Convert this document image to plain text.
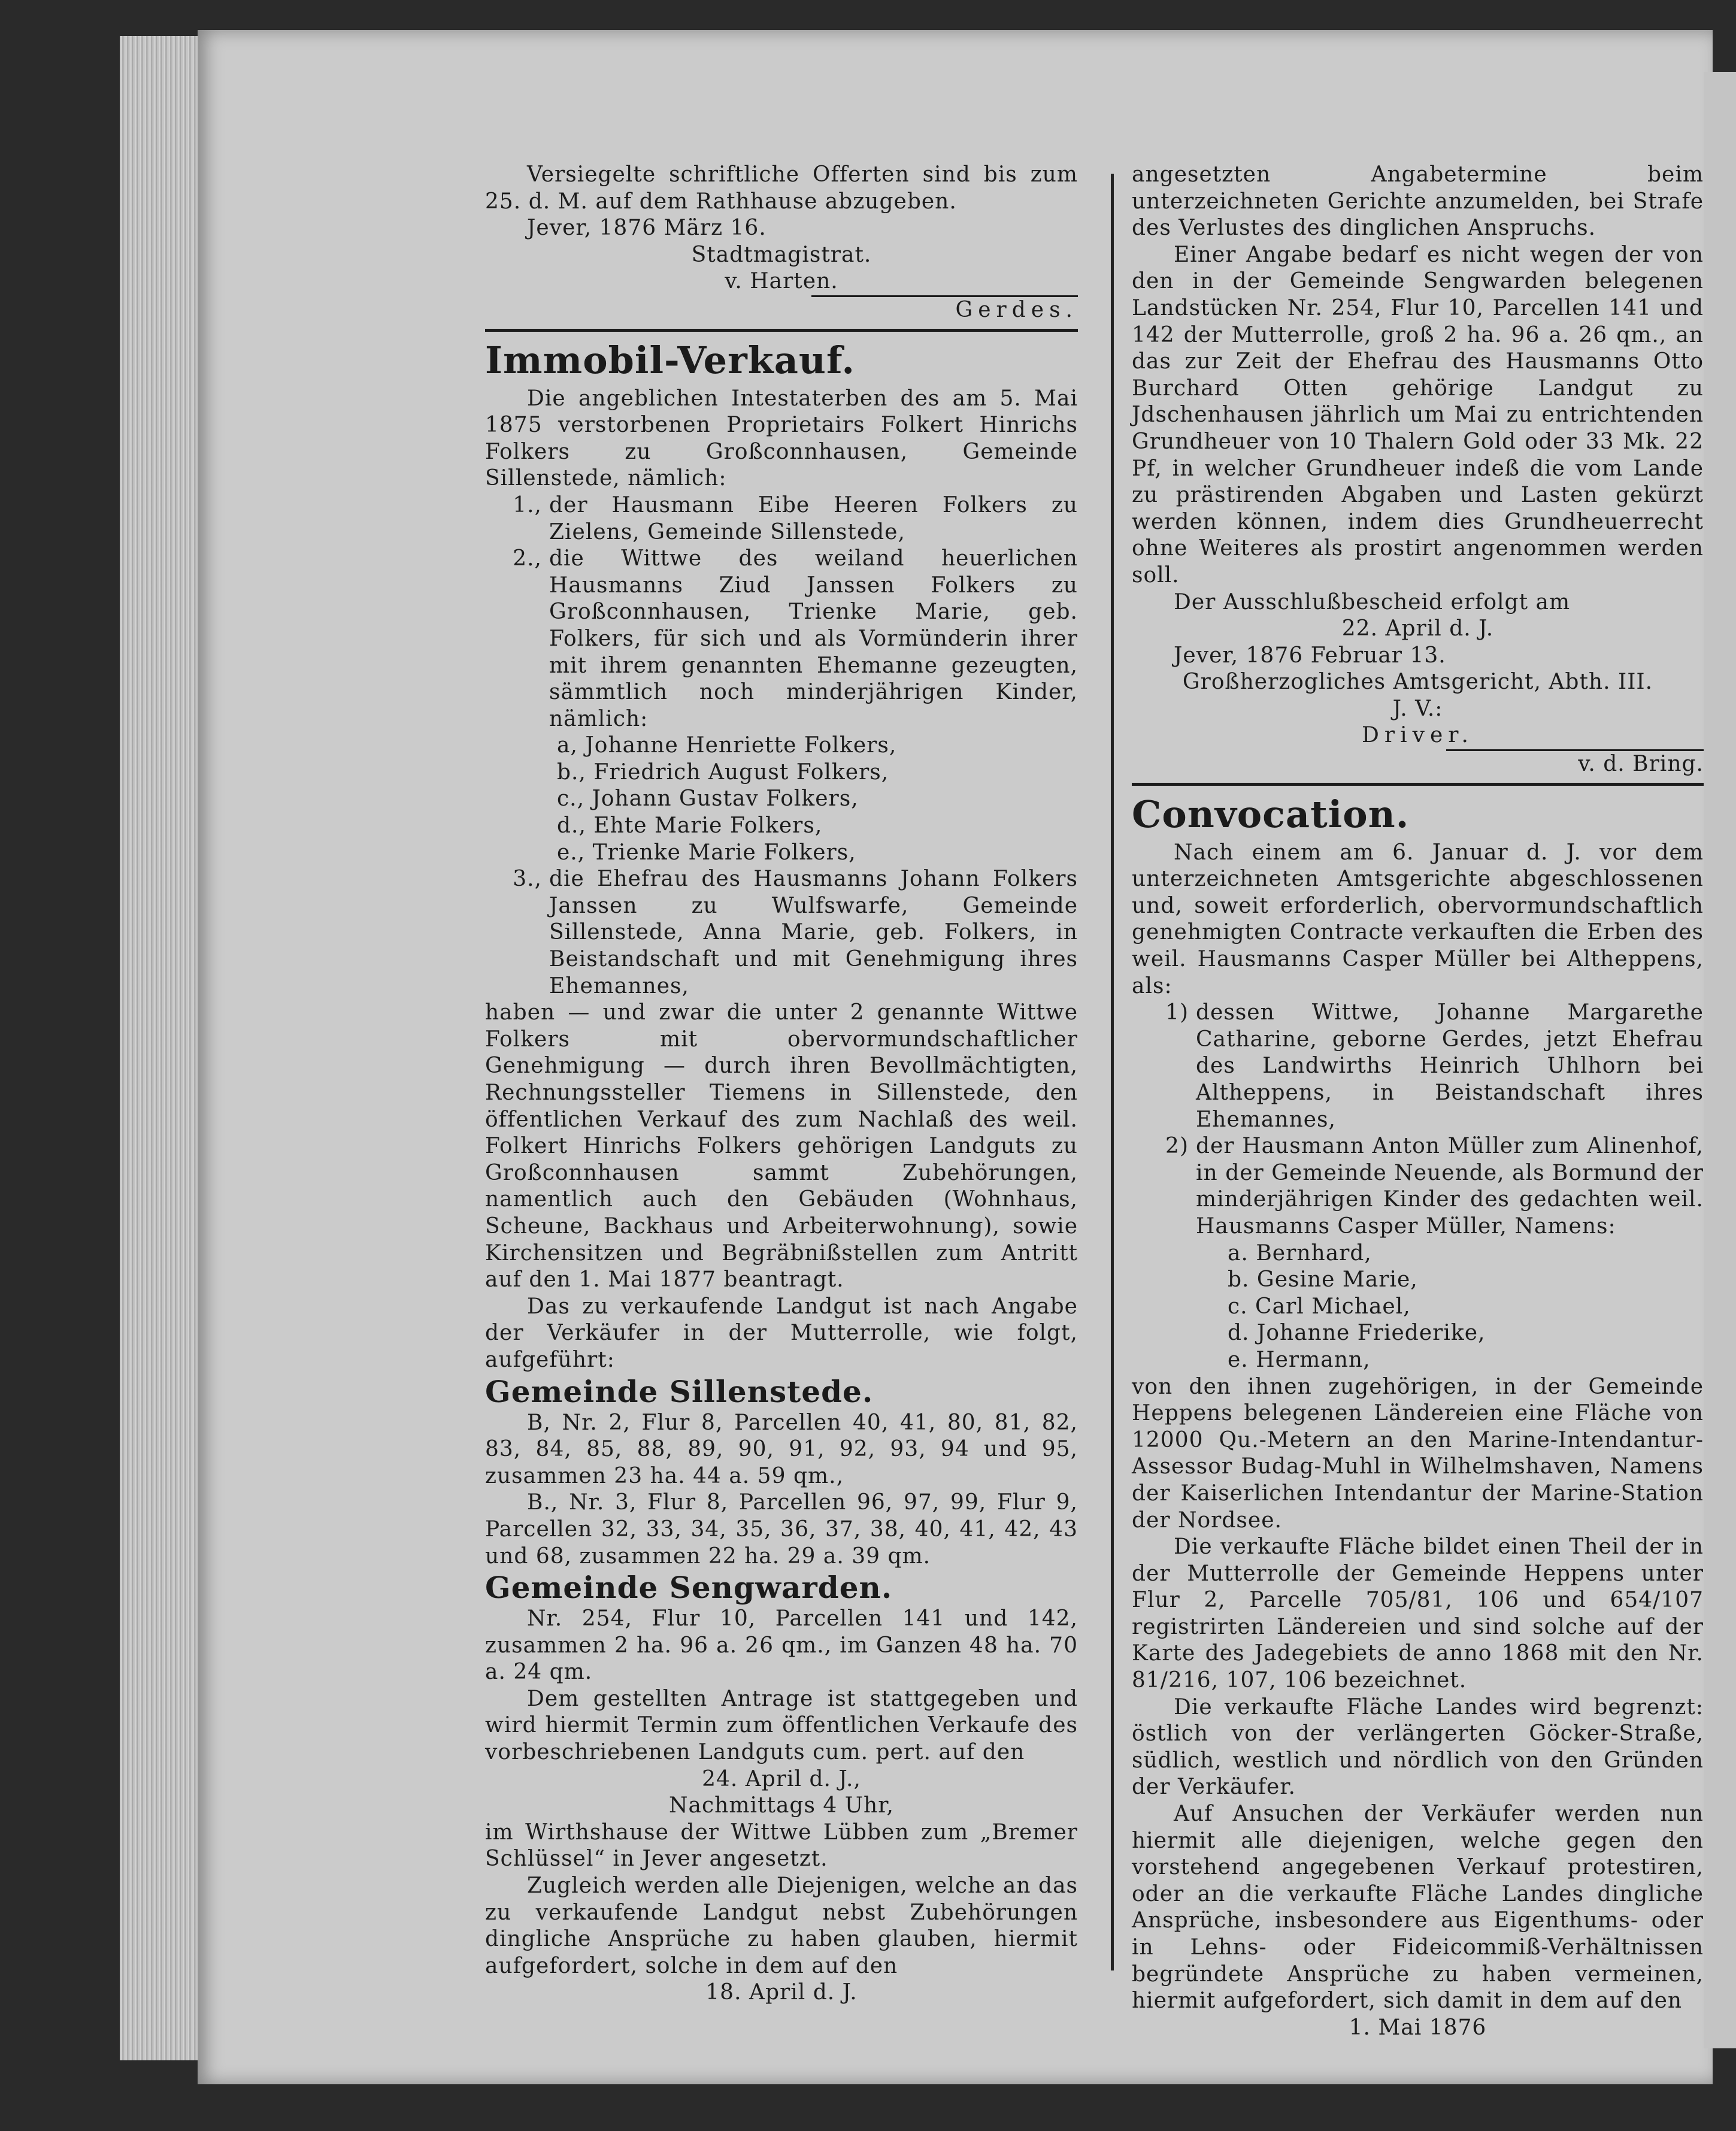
Versiegelte schriftliche Offerten sind bis zum 25. d. M. auf dem Rathhause abzugeben.

Jever, 1876 März 16.

Stadtmagistrat.

v. Harten.

Gerdes.

Immobil-Verkauf.

Die angeblichen Intestaterben des am 5. Mai 1875 verstorbenen Proprietairs Folkert Hinrichs Folkers zu Großconnhausen, Gemeinde Sillenstede, nämlich:

1., der Hausmann Eibe Heeren Folkers zu Zielens, Gemeinde Sillenstede,
2., die Wittwe des weiland heuerlichen Hausmanns Ziud Janssen Folkers zu Großconnhausen, Trienke Marie, geb. Folkers, für sich und als Vormünderin ihrer mit ihrem genannten Ehemanne gezeugten, sämmtlich noch minderjährigen Kinder, nämlich:

a, Johanne Henriette Folkers,

b., Friedrich August Folkers,

c., Johann Gustav Folkers,

d., Ehte Marie Folkers,

e., Trienke Marie Folkers,

3., die Ehefrau des Hausmanns Johann Folkers Janssen zu Wulfswarfe, Gemeinde Sillenstede, Anna Marie, geb. Folkers, in Beistandschaft und mit Genehmigung ihres Ehemannes,

haben — und zwar die unter 2 genannte Wittwe Folkers mit obervormundschaftlicher Genehmigung — durch ihren Bevollmächtigten, Rechnungssteller Tiemens in Sillenstede, den öffentlichen Verkauf des zum Nachlaß des weil. Folkert Hinrichs Folkers gehörigen Landguts zu Großconnhausen sammt Zubehörungen, namentlich auch den Gebäuden (Wohnhaus, Scheune, Backhaus und Arbeiterwohnung), sowie Kirchensitzen und Begräbnißstellen zum Antritt auf den 1. Mai 1877 beantragt.

Das zu verkaufende Landgut ist nach Angabe der Verkäufer in der Mutterrolle, wie folgt, aufgeführt:

Gemeinde Sillenstede.

B, Nr. 2, Flur 8, Parcellen 40, 41, 80, 81, 82, 83, 84, 85, 88, 89, 90, 91, 92, 93, 94 und 95, zusammen 23 ha. 44 a. 59 qm.,

B., Nr. 3, Flur 8, Parcellen 96, 97, 99, Flur 9, Parcellen 32, 33, 34, 35, 36, 37, 38, 40, 41, 42, 43 und 68, zusammen 22 ha. 29 a. 39 qm.

Gemeinde Sengwarden.

Nr. 254, Flur 10, Parcellen 141 und 142, zusammen 2 ha. 96 a. 26 qm., im Ganzen 48 ha. 70 a. 24 qm.

Dem gestellten Antrage ist stattgegeben und wird hiermit Termin zum öffentlichen Verkaufe des vorbeschriebenen Landguts cum. pert. auf den

24. April d. J.,

Nachmittags 4 Uhr,

im Wirthshause der Wittwe Lübben zum „Bremer Schlüssel“ in Jever angesetzt.

Zugleich werden alle Diejenigen, welche an das zu verkaufende Landgut nebst Zubehörungen dingliche Ansprüche zu haben glauben, hiermit aufgefordert, solche in dem auf den

18. April d. J.

angesetzten Angabetermine beim unterzeichneten Gerichte anzumelden, bei Strafe des Verlustes des dinglichen Anspruchs.

Einer Angabe bedarf es nicht wegen der von den in der Gemeinde Sengwarden belegenen Landstücken Nr. 254, Flur 10, Parcellen 141 und 142 der Mutterrolle, groß 2 ha. 96 a. 26 qm., an das zur Zeit der Ehefrau des Hausmanns Otto Burchard Otten gehörige Landgut zu Jdschenhausen jährlich um Mai zu entrichtenden Grundheuer von 10 Thalern Gold oder 33 Mk. 22 Pf, in welcher Grundheuer indeß die vom Lande zu prästirenden Abgaben und Lasten gekürzt werden können, indem dies Grundheuerrecht ohne Weiteres als prostirt angenommen werden soll.

Der Ausschlußbescheid erfolgt am

22. April d. J.

Jever, 1876 Februar 13.

Großherzogliches Amtsgericht, Abth. III.

J. V.:

Driver.

v. d. Bring.

Convocation.

Nach einem am 6. Januar d. J. vor dem unterzeichneten Amtsgerichte abgeschlossenen und, soweit erforderlich, obervormundschaftlich genehmigten Contracte verkauften die Erben des weil. Hausmanns Casper Müller bei Altheppens, als:

1) dessen Wittwe, Johanne Margarethe Catharine, geborne Gerdes, jetzt Ehefrau des Landwirths Heinrich Uhlhorn bei Altheppens, in Beistandschaft ihres Ehemannes,
2) der Hausmann Anton Müller zum Alinenhof, in der Gemeinde Neuende, als Bormund der minderjährigen Kinder des gedachten weil. Hausmanns Casper Müller, Namens:

a. Bernhard,

b. Gesine Marie,

c. Carl Michael,

d. Johanne Friederike,

e. Hermann,

von den ihnen zugehörigen, in der Gemeinde Heppens belegenen Ländereien eine Fläche von 12000 Qu.-Metern an den Marine-Intendantur-Assessor Budag-Muhl in Wilhelmshaven, Namens der Kaiserlichen Intendantur der Marine-Station der Nordsee.

Die verkaufte Fläche bildet einen Theil der in der Mutterrolle der Gemeinde Heppens unter Flur 2, Parcelle 705/81, 106 und 654/107 registrirten Ländereien und sind solche auf der Karte des Jadegebiets de anno 1868 mit den Nr. 81/216, 107, 106 bezeichnet.

Die verkaufte Fläche Landes wird begrenzt: östlich von der verlängerten Göcker-Straße, südlich, westlich und nördlich von den Gründen der Verkäufer.

Auf Ansuchen der Verkäufer werden nun hiermit alle diejenigen, welche gegen den vorstehend angegebenen Verkauf protestiren, oder an die verkaufte Fläche Landes dingliche Ansprüche, insbesondere aus Eigenthums- oder in Lehns- oder Fideicommiß-Verhältnissen begründete Ansprüche zu haben vermeinen, hiermit aufgefordert, sich damit in dem auf den

1. Mai 1876
